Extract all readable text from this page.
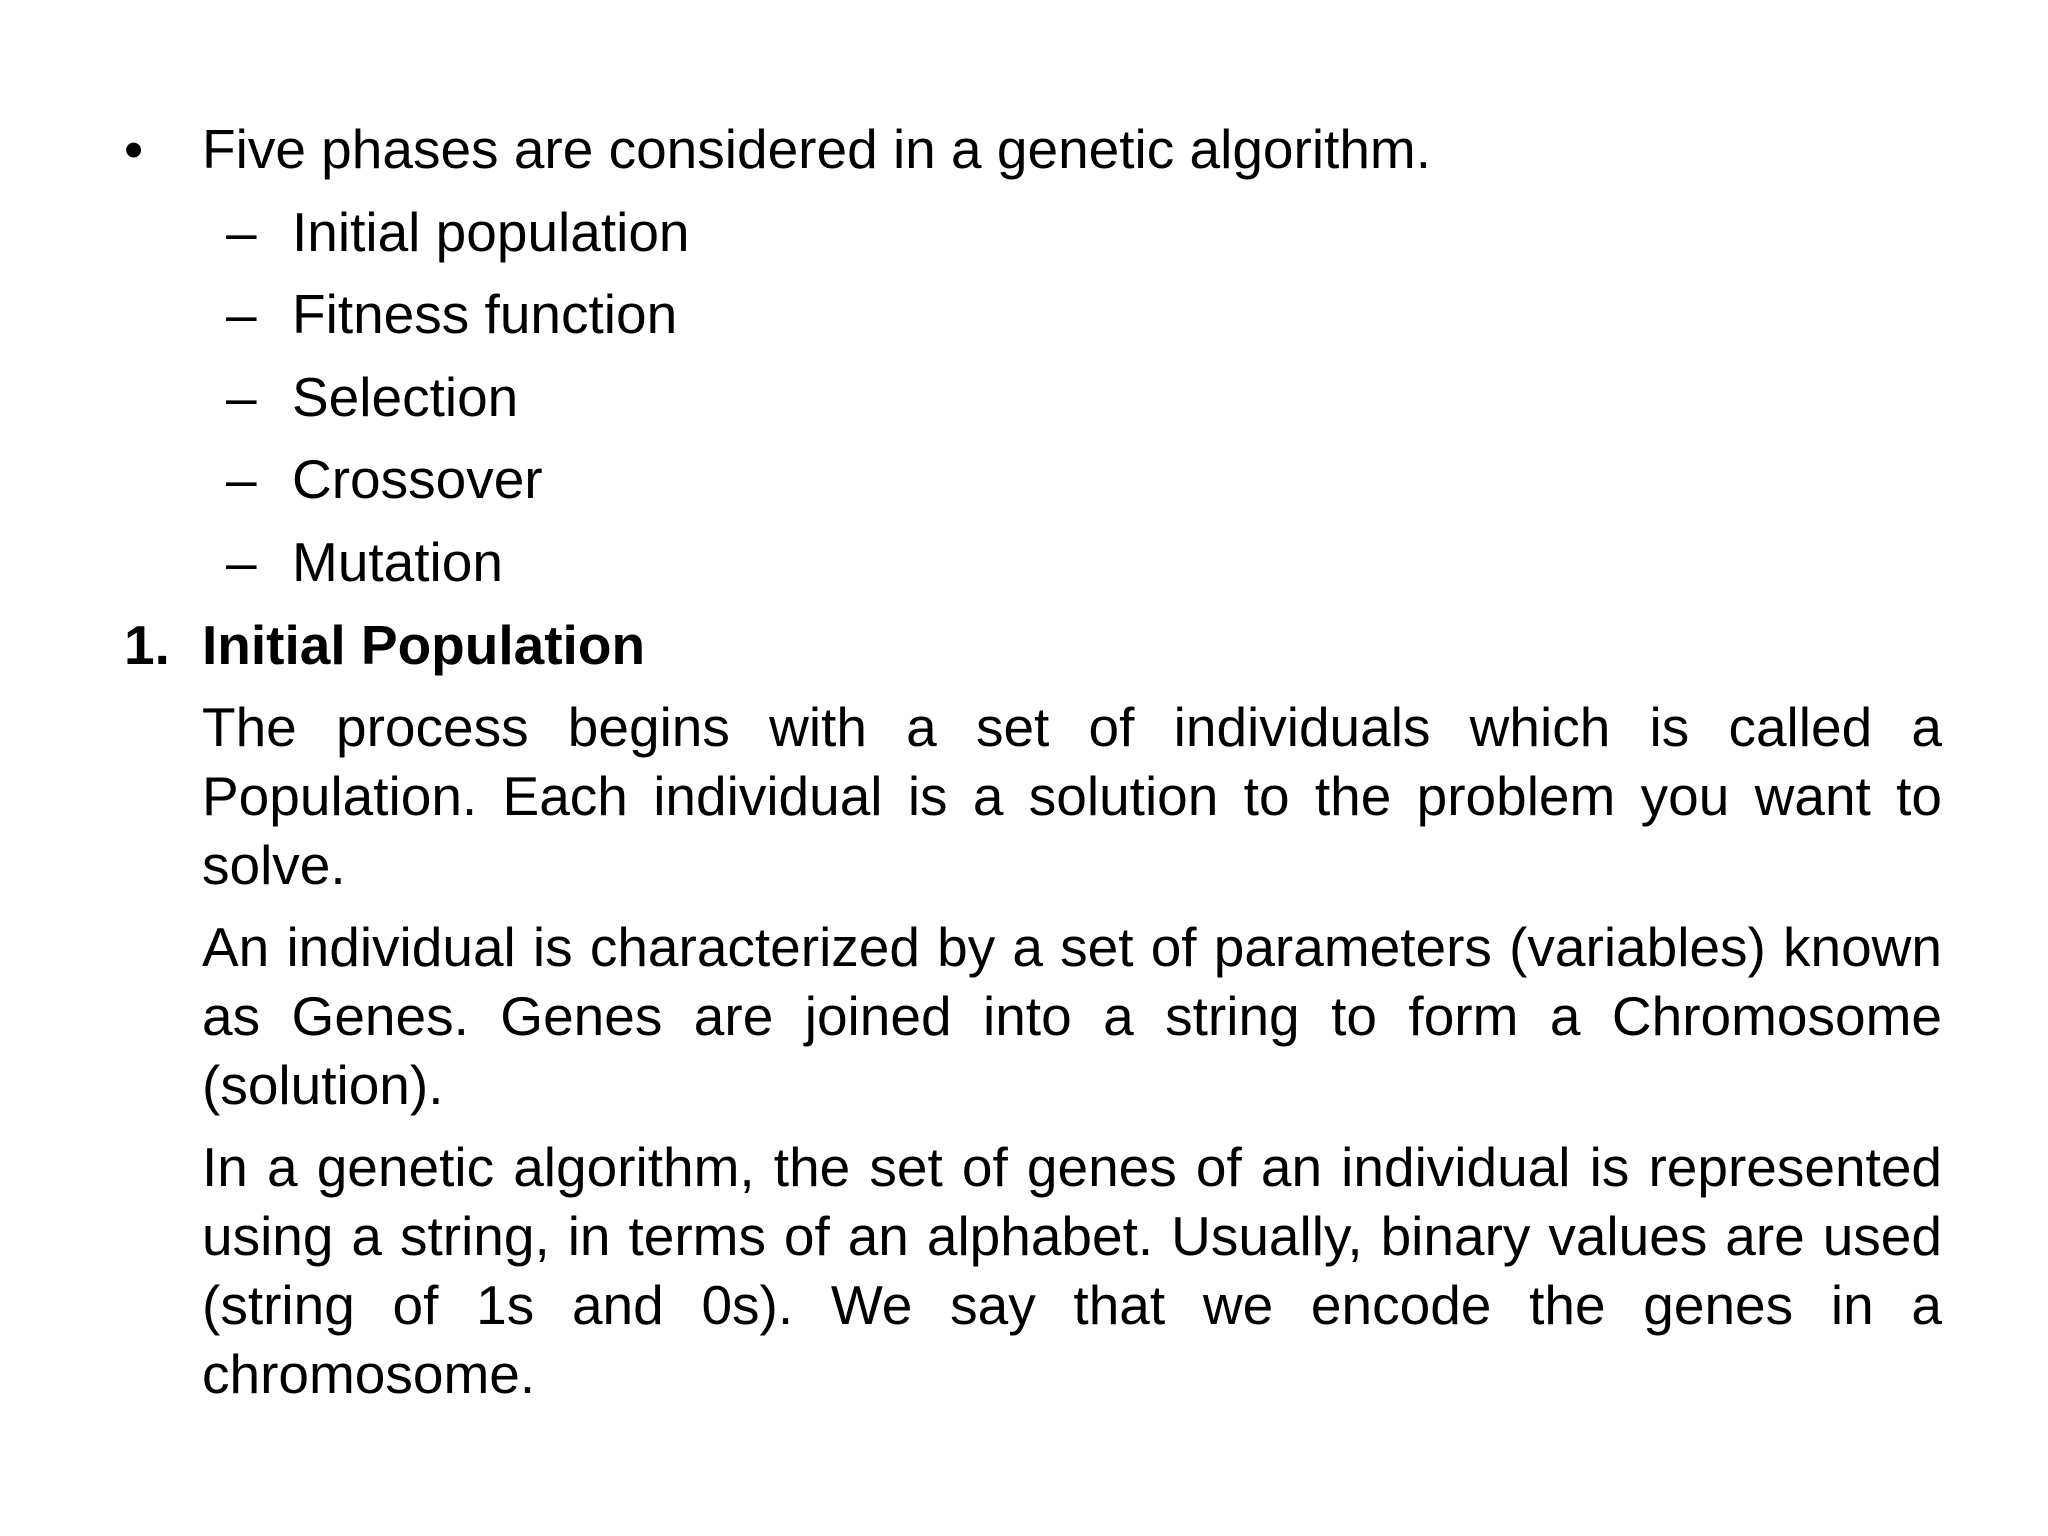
• Five phases are considered in a genetic algorithm.
– Initial population
– Fitness function
– Selection
– Crossover
– Mutation
1. Initial Population
The process begins with a set of individuals which is called a Population. Each individual is a solution to the problem you want to solve.
An individual is characterized by a set of parameters (variables) known as Genes. Genes are joined into a string to form a Chromosome (solution).
In a genetic algorithm, the set of genes of an individual is represented using a string, in terms of an alphabet. Usually, binary values are used (string of 1s and 0s). We say that we encode the genes in a chromosome.
